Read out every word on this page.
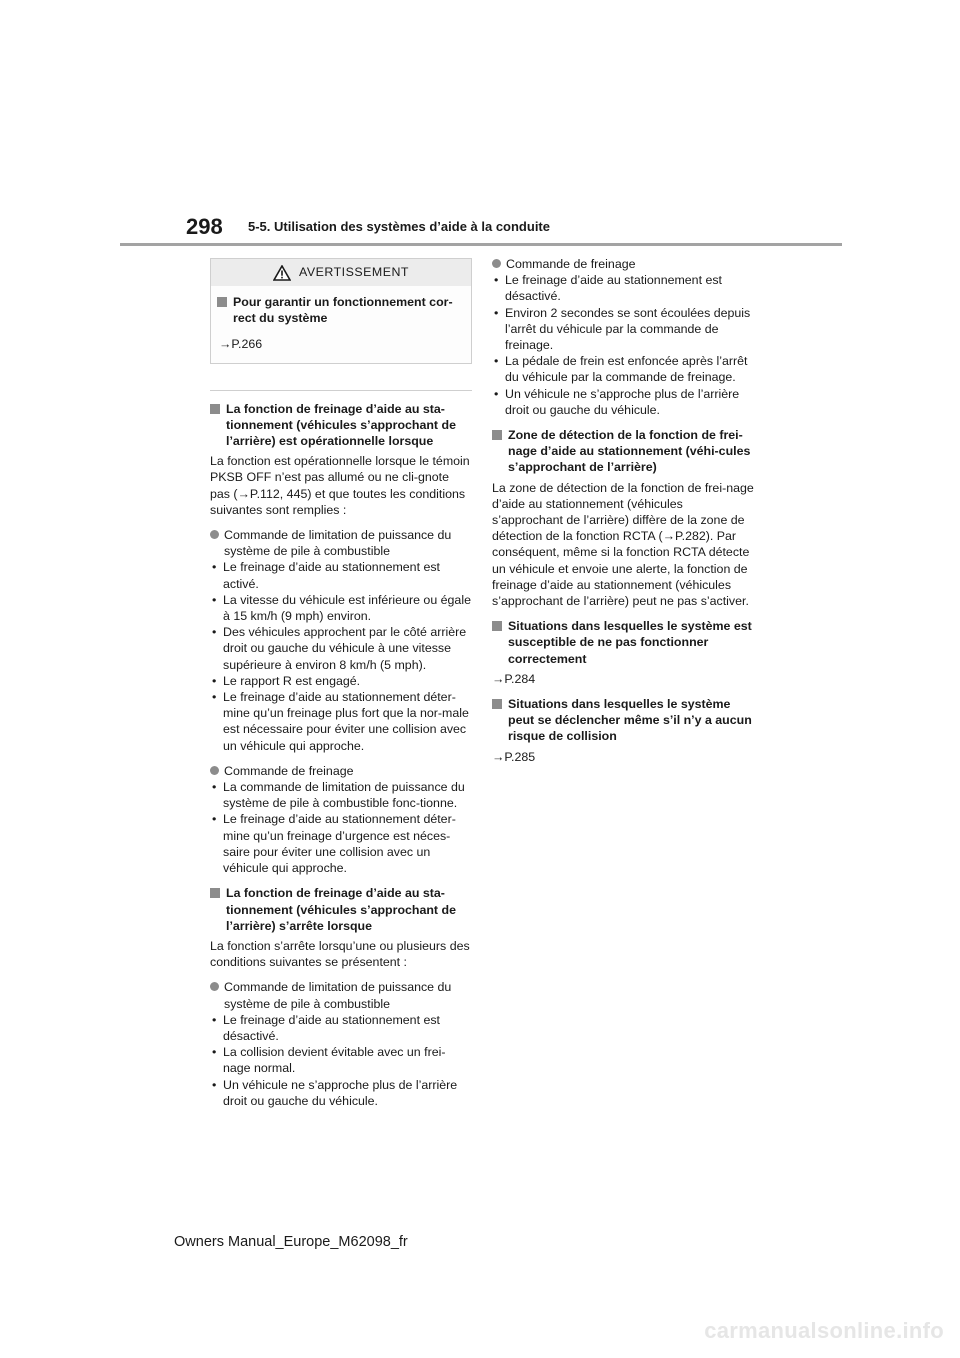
298 5-5. Utilisation des systèmes d’aide à la conduite
AVERTISSEMENT
Pour garantir un fonctionnement cor-rect du système
→P.266
La fonction de freinage d’aide au sta-tionnement (véhicules s’approchant de l’arrière) est opérationnelle lorsque
La fonction est opérationnelle lorsque le témoin PKSB OFF n’est pas allumé ou ne cli-gnote pas (→P.112, 445) et que toutes les conditions suivantes sont remplies :
Commande de limitation de puissance du système de pile à combustible
• Le freinage d’aide au stationnement est activé.
• La vitesse du véhicule est inférieure ou égale à 15 km/h (9 mph) environ.
• Des véhicules approchent par le côté arrière droit ou gauche du véhicule à une vitesse supérieure à environ 8 km/h (5 mph).
• Le rapport R est engagé.
• Le freinage d’aide au stationnement déter-mine qu’un freinage plus fort que la nor-male est nécessaire pour éviter une collision avec un véhicule qui approche.
Commande de freinage
• La commande de limitation de puissance du système de pile à combustible fonc-tionne.
• Le freinage d’aide au stationnement déter-mine qu’un freinage d’urgence est néces-saire pour éviter une collision avec un véhicule qui approche.
La fonction de freinage d’aide au sta-tionnement (véhicules s’approchant de l’arrière) s’arrête lorsque
La fonction s’arrête lorsqu’une ou plusieurs des conditions suivantes se présentent :
Commande de limitation de puissance du système de pile à combustible
• Le freinage d’aide au stationnement est désactivé.
• La collision devient évitable avec un frei-nage normal.
• Un véhicule ne s’approche plus de l’arrière droit ou gauche du véhicule.
Commande de freinage
• Le freinage d’aide au stationnement est désactivé.
• Environ 2 secondes se sont écoulées depuis l’arrêt du véhicule par la commande de freinage.
• La pédale de frein est enfoncée après l’arrêt du véhicule par la commande de freinage.
• Un véhicule ne s’approche plus de l’arrière droit ou gauche du véhicule.
Zone de détection de la fonction de frei-nage d’aide au stationnement (véhi-cules s’approchant de l’arrière)
La zone de détection de la fonction de frei-nage d’aide au stationnement (véhicules s’approchant de l’arrière) diffère de la zone de détection de la fonction RCTA (→P.282). Par conséquent, même si la fonction RCTA détecte un véhicule et envoie une alerte, la fonction de freinage d’aide au stationnement (véhicules s’approchant de l’arrière) peut ne pas s’activer.
Situations dans lesquelles le système est susceptible de ne pas fonctionner correctement
→P.284
Situations dans lesquelles le système peut se déclencher même s’il n’y a aucun risque de collision
→P.285
Owners Manual_Europe_M62098_fr
carmanualsonline.info
